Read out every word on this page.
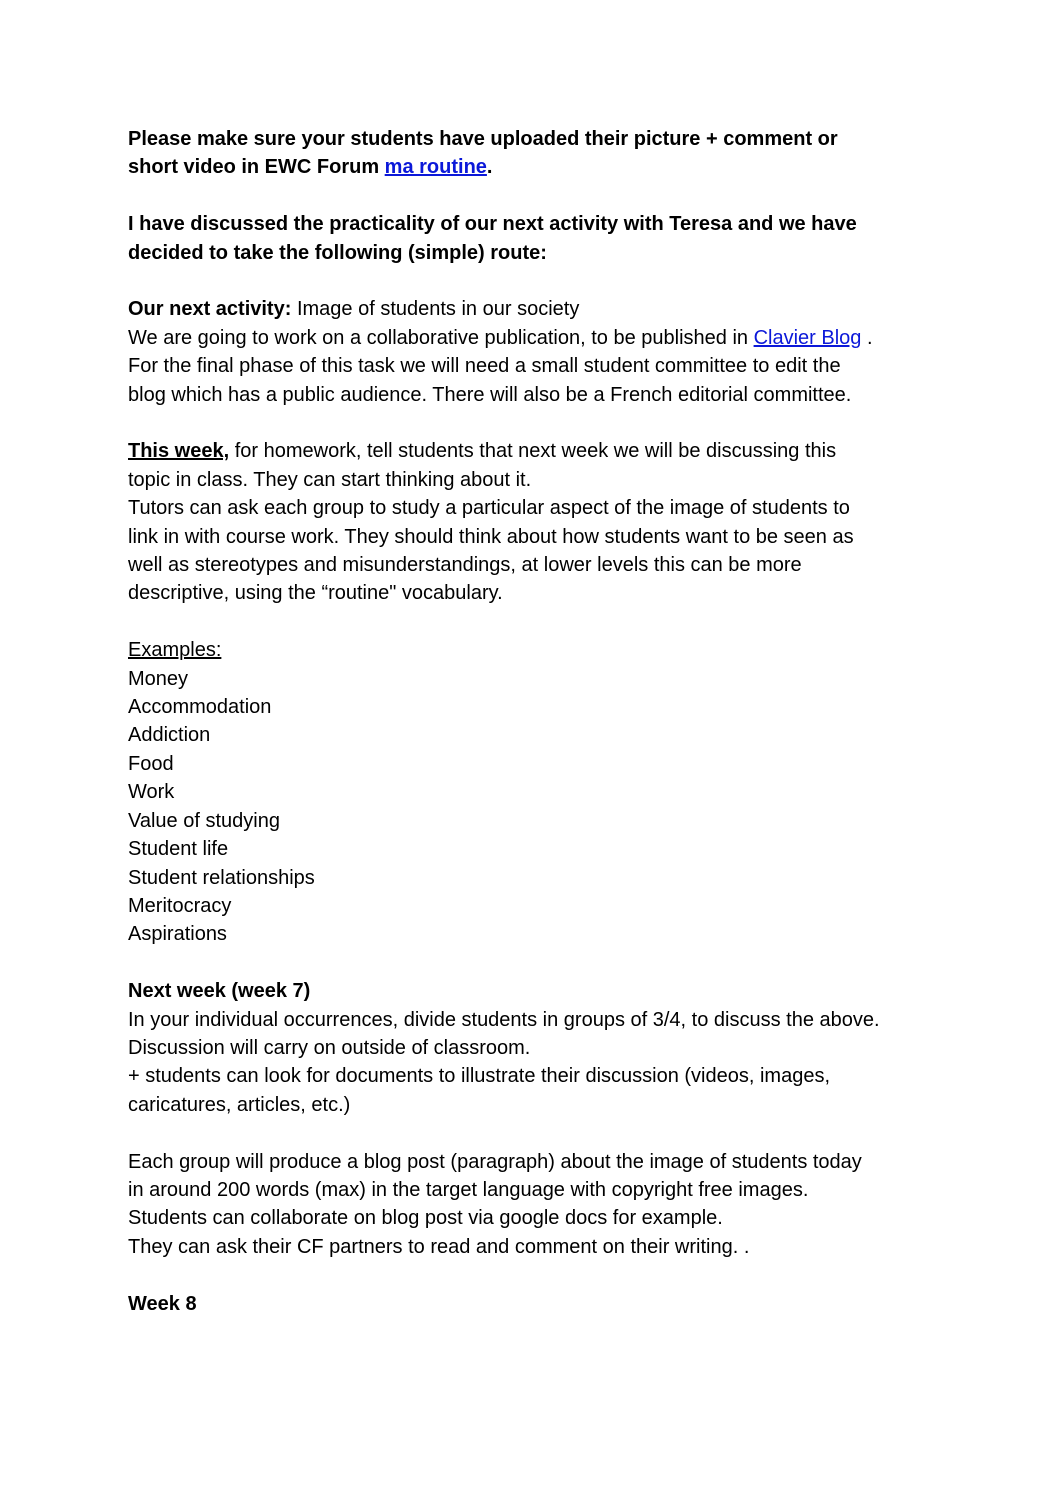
Please make sure your students have uploaded their picture + comment or
short video in EWC Forum ma routine.

I have discussed the practicality of our next activity with Teresa and we have
decided to take the following (simple) route:

Our next activity: Image of students in our society
We are going to work on a collaborative publication, to be published in Clavier Blog .
For the final phase of this task we will need a small student committee to edit the
blog which has a public audience. There will also be a French editorial committee.

This week, for homework, tell students that next week we will be discussing this
topic in class. They can start thinking about it.
Tutors can ask each group to study a particular aspect of the image of students to
link in with course work. They should think about how students want to be seen as
well as stereotypes and misunderstandings, at lower levels this can be more
descriptive, using the “routine" vocabulary.

Examples:
Money
Accommodation
Addiction
Food
Work
Value of studying
Student life
Student relationships
Meritocracy
Aspirations

Next week (week 7)
In your individual occurrences, divide students in groups of 3/4, to discuss the above.
Discussion will carry on outside of classroom.
+ students can look for documents to illustrate their discussion (videos, images,
caricatures, articles, etc.)

Each group will produce a blog post (paragraph) about the image of students today
in around 200 words (max) in the target language with copyright free images.
Students can collaborate on blog post via google docs for example.
They can ask their CF partners to read and comment on their writing. .

Week 8
